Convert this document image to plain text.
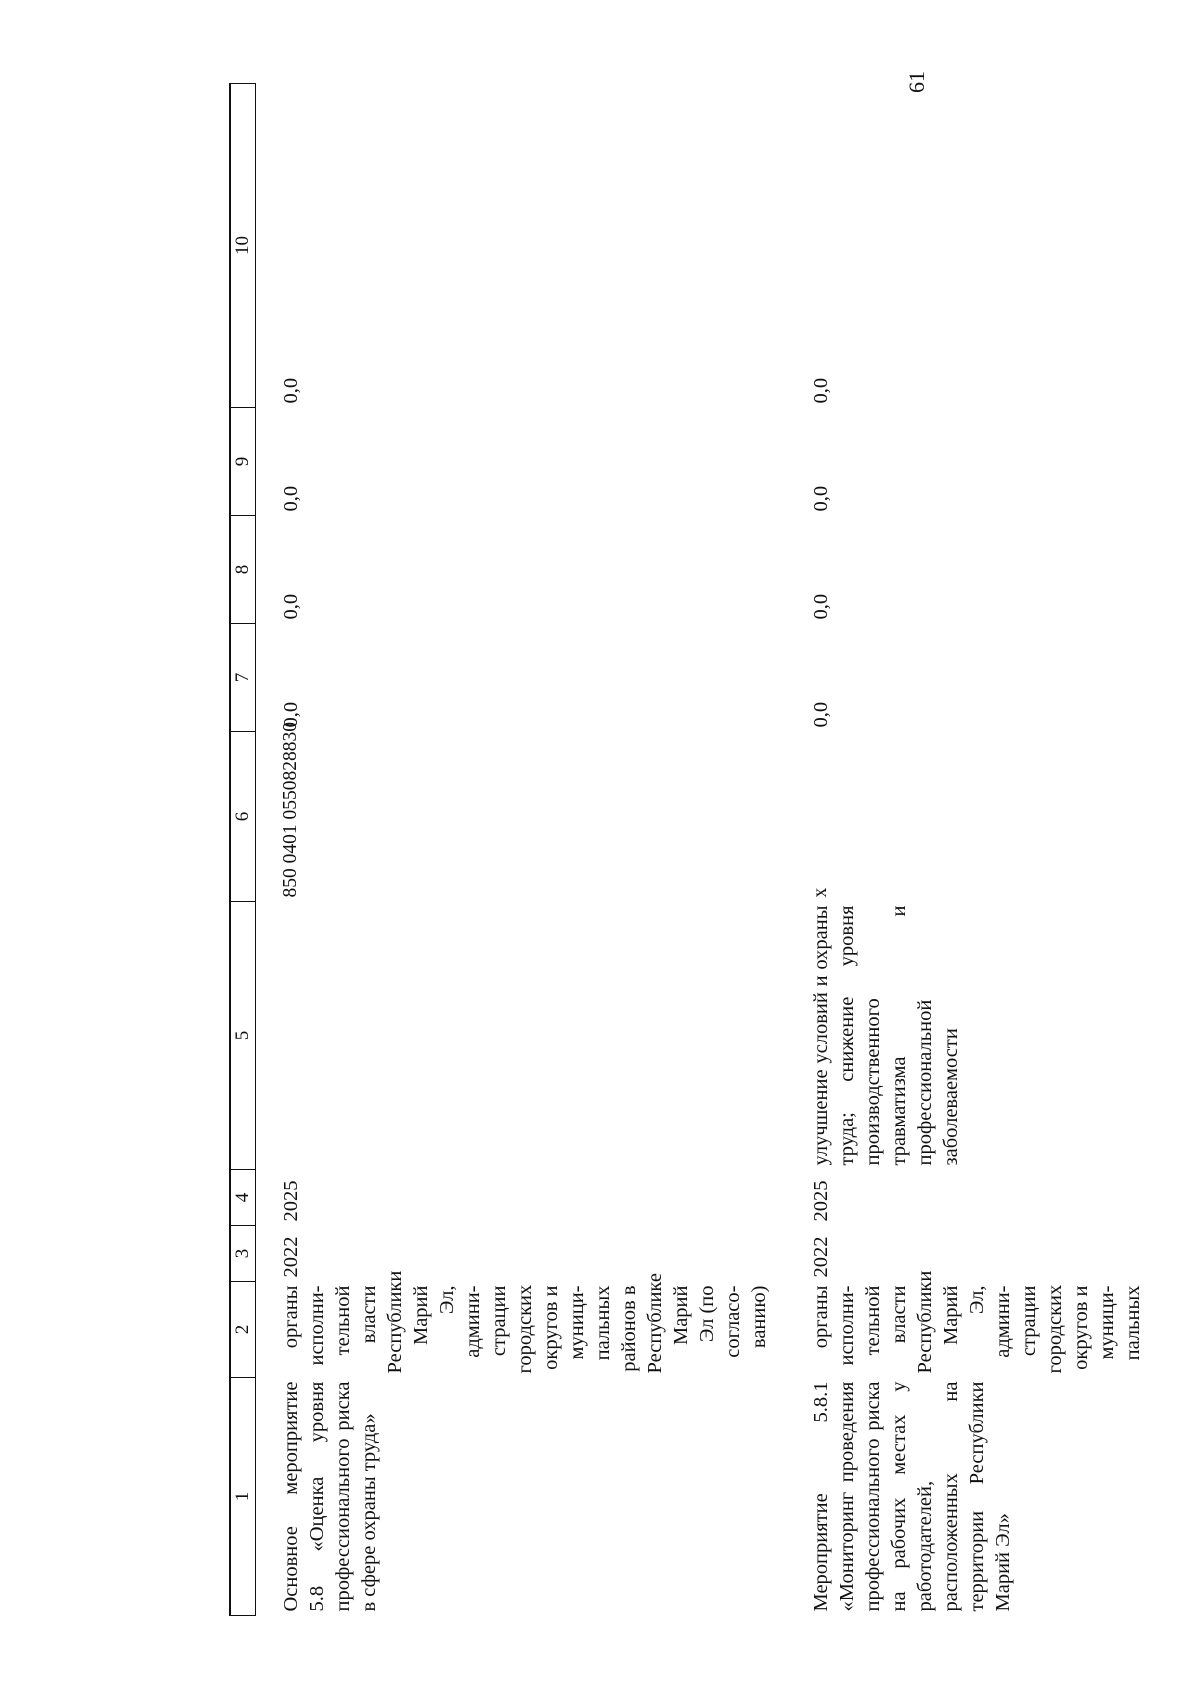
61
1	2	3	4	5	6	7	8	9	10
Основное мероприятие 5.8 «Оценка уровня профессионального риска в сфере охраны труда»	органы исполни-тельной власти Республики Марий Эл, админи-страции городских округов и муници-пальных районов в Республике Марий Эл (по согласо-ванию)	2022	2025		850 0401 0550828830	0,0	0,0	0,0	0,0
Мероприятие 5.8.1 «Мониторинг проведения профессионального риска на рабочих местах у работодателей, расположенных на территории Республики Марий Эл»	органы исполни-тельной власти Республики Марий Эл, админи-страции городских округов и муници-пальных	2022	2025	улучшение условий и охраны труда; снижение уровня производственного травматизма и профессиональной заболеваемости	х	0,0	0,0	0,0	0,0
